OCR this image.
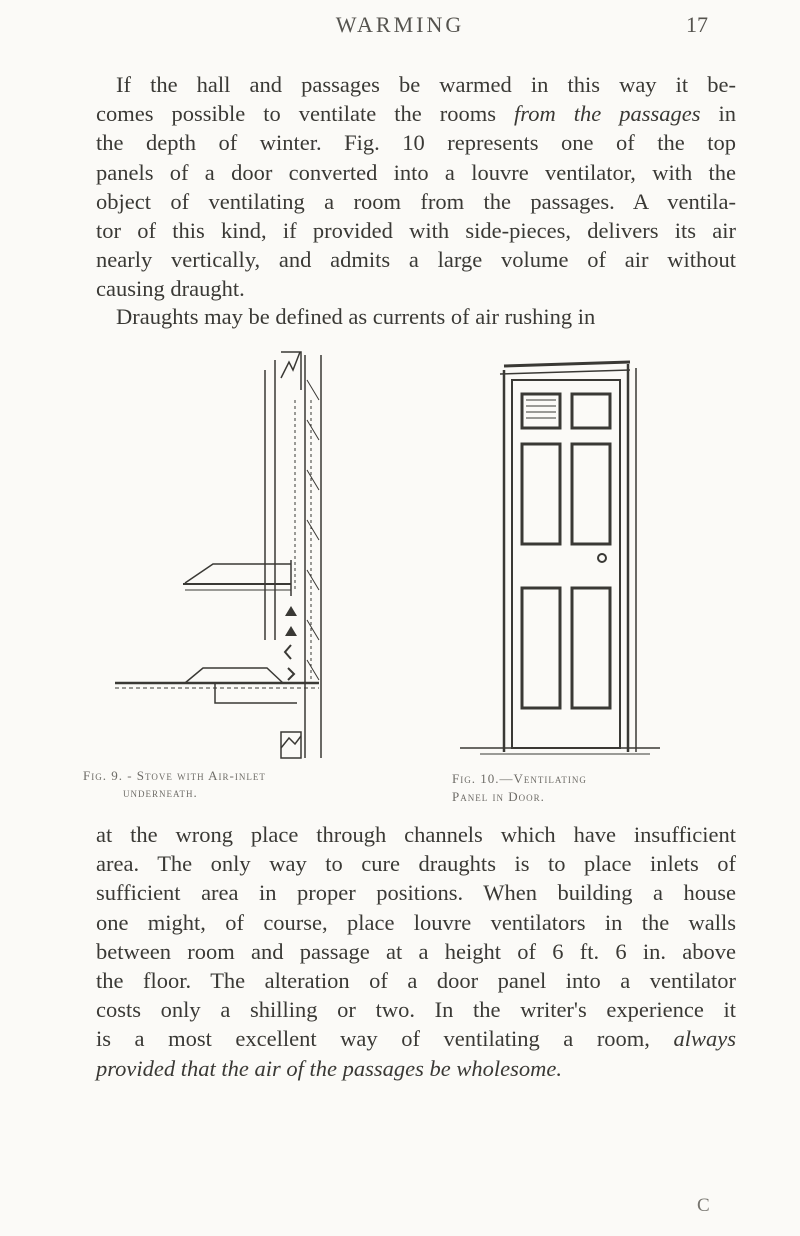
WARMING	17

If the hall and passages be warmed in this way it be-
comes possible to ventilate the rooms from the passages in
the depth of winter. Fig. 10 represents one of the top
panels of a door converted into a louvre ventilator, with the
object of ventilating a room from the passages. A ventila-
tor of this kind, if provided with side-pieces, delivers its air
nearly vertically, and admits a large volume of air without
causing draught.

Draughts may be defined as currents of air rushing in

Fig. 9. - Stove with Air-inlet
underneath.
Fig. 10.—Ventilating
Panel in Door.

at the wrong place through channels which have insufficient
area. The only way to cure draughts is to place inlets of
sufficient area in proper positions. When building a house
one might, of course, place louvre ventilators in the walls
between room and passage at a height of 6 ft. 6 in. above
the floor. The alteration of a door panel into a ventilator
costs only a shilling or two. In the writer's experience it
is a most excellent way of ventilating a room, always
provided that the air of the passages be wholesome.

C
